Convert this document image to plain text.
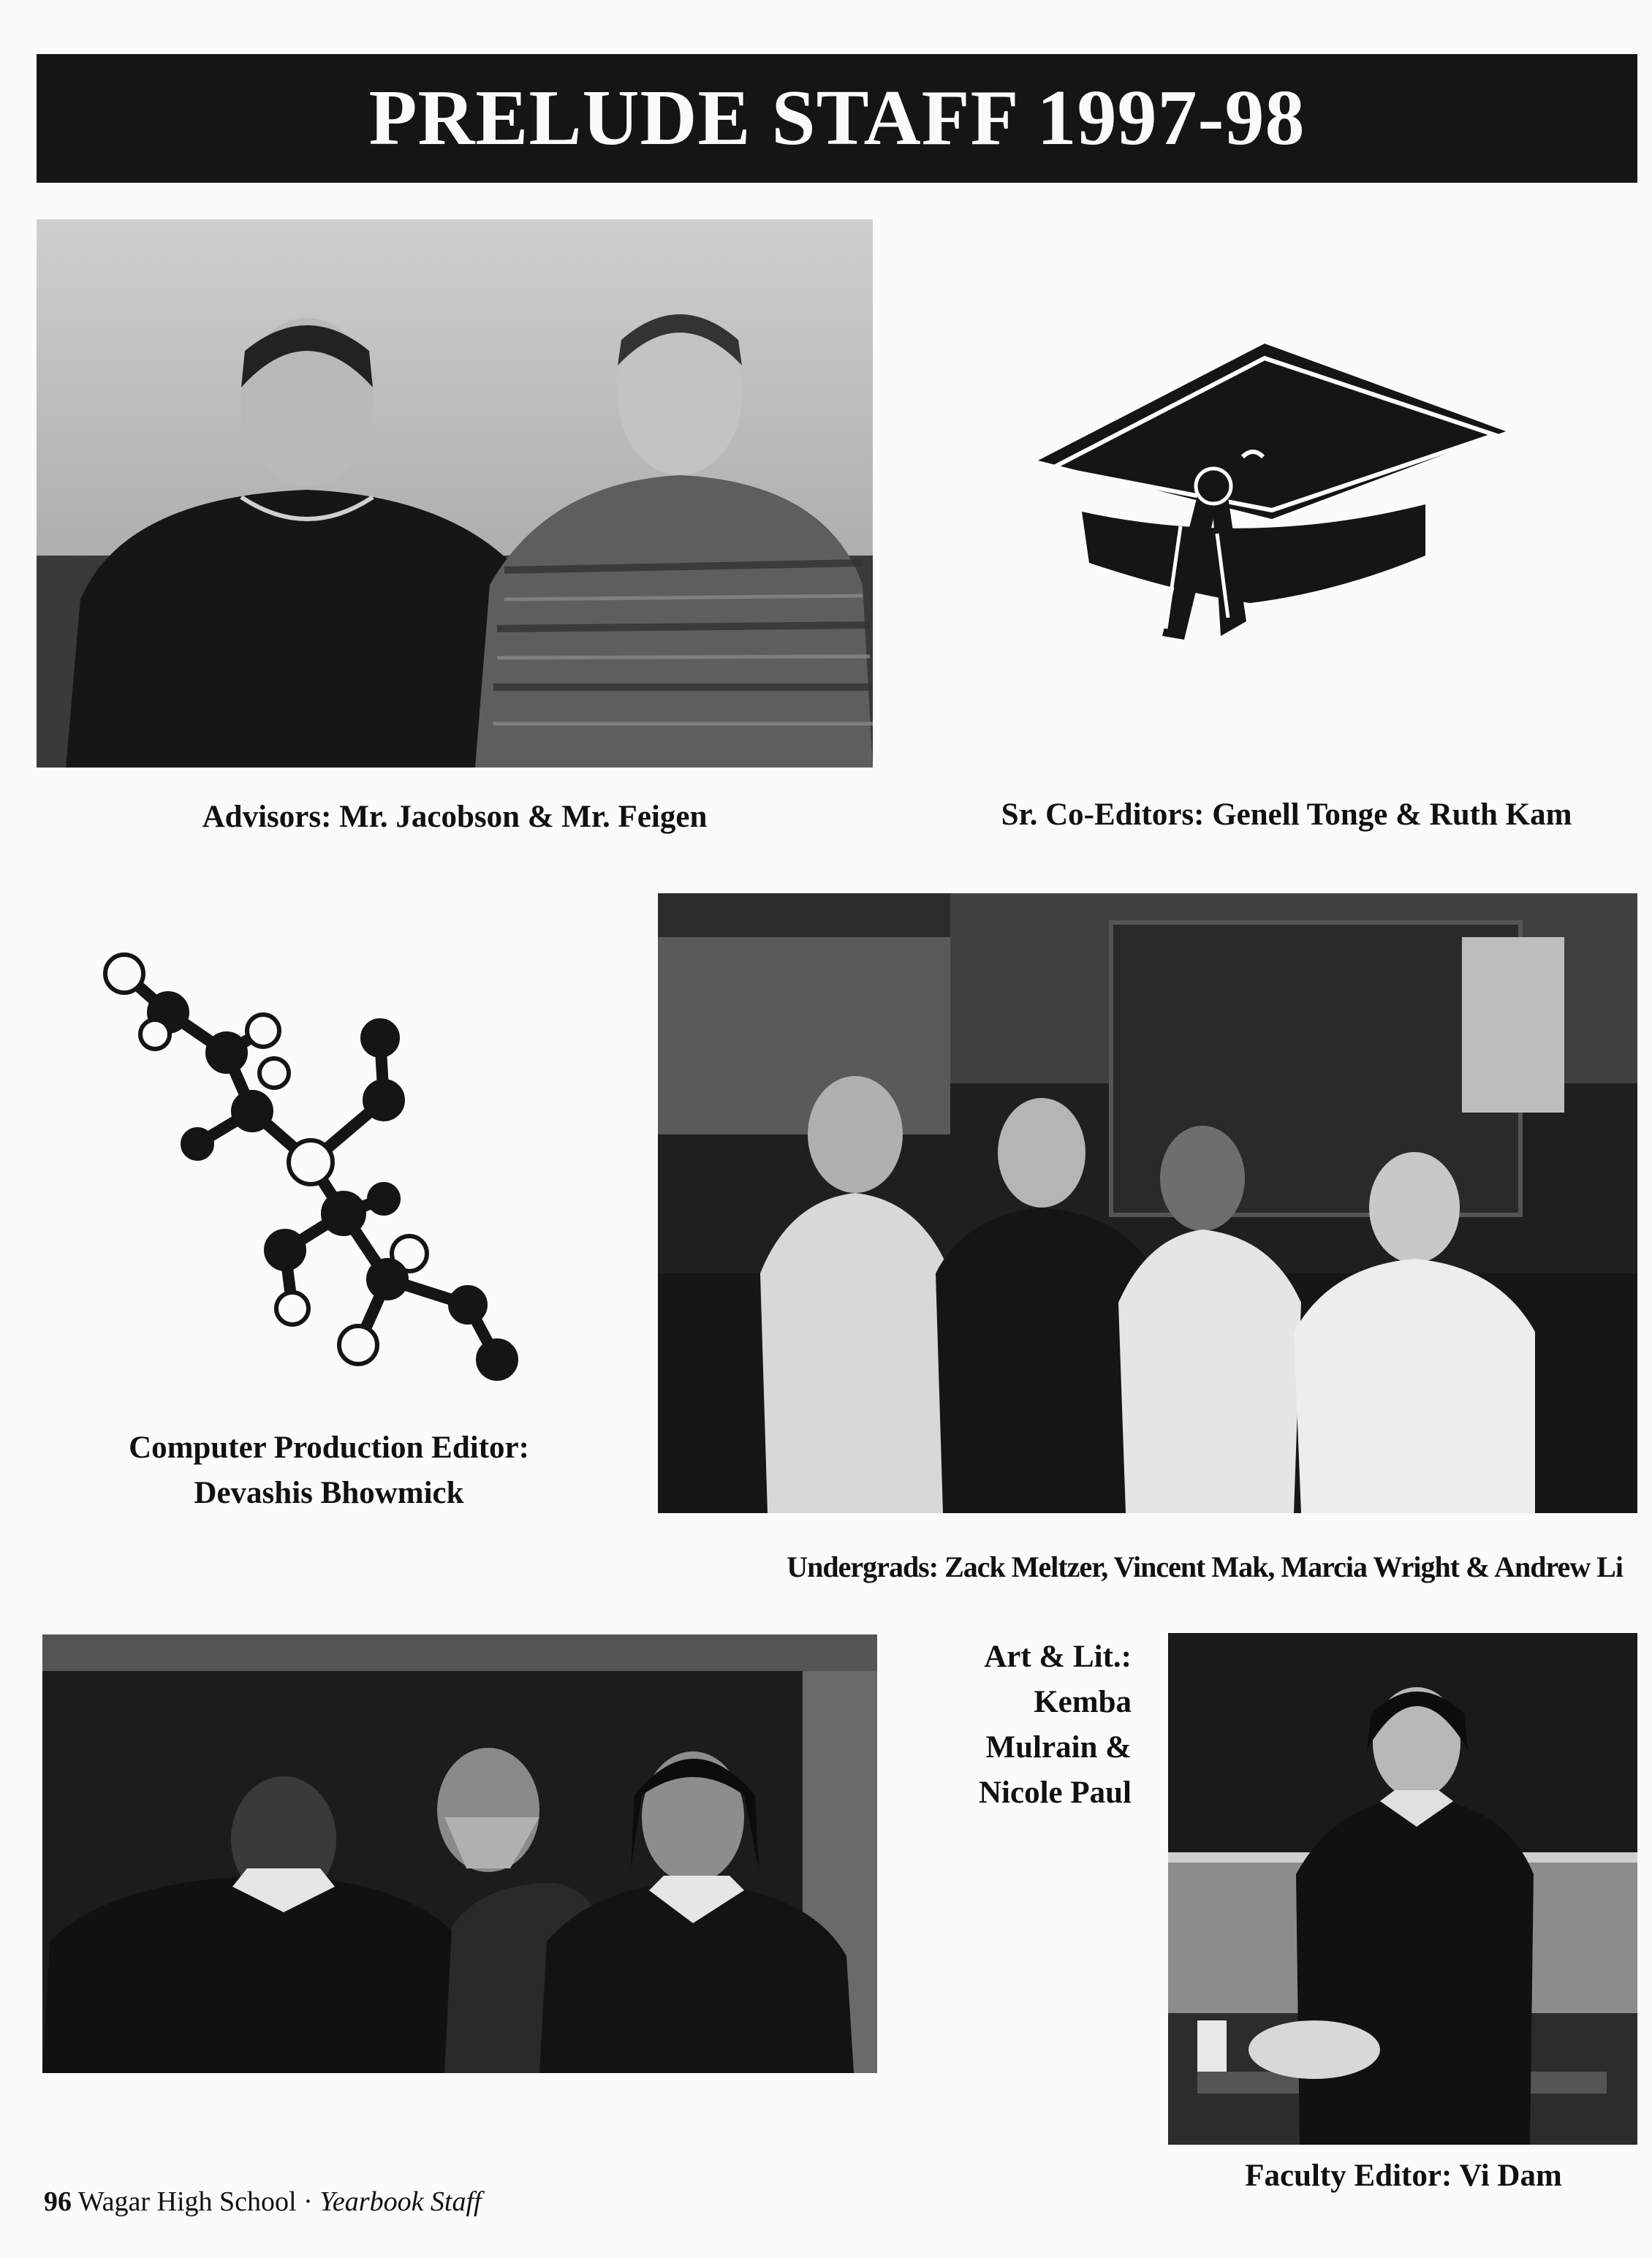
PRELUDE STAFF 1997-98
Advisors: Mr. Jacobson & Mr. Feigen	Sr. Co-Editors: Genell Tonge & Ruth Kam
Computer Production Editor:
Devashis Bhowmick
Undergrads: Zack Meltzer, Vincent Mak, Marcia Wright & Andrew Li
Art & Lit.:
Kemba
Mulrain &
Nicole Paul
Faculty Editor: Vi Dam
96 Wagar High School · Yearbook Staff
